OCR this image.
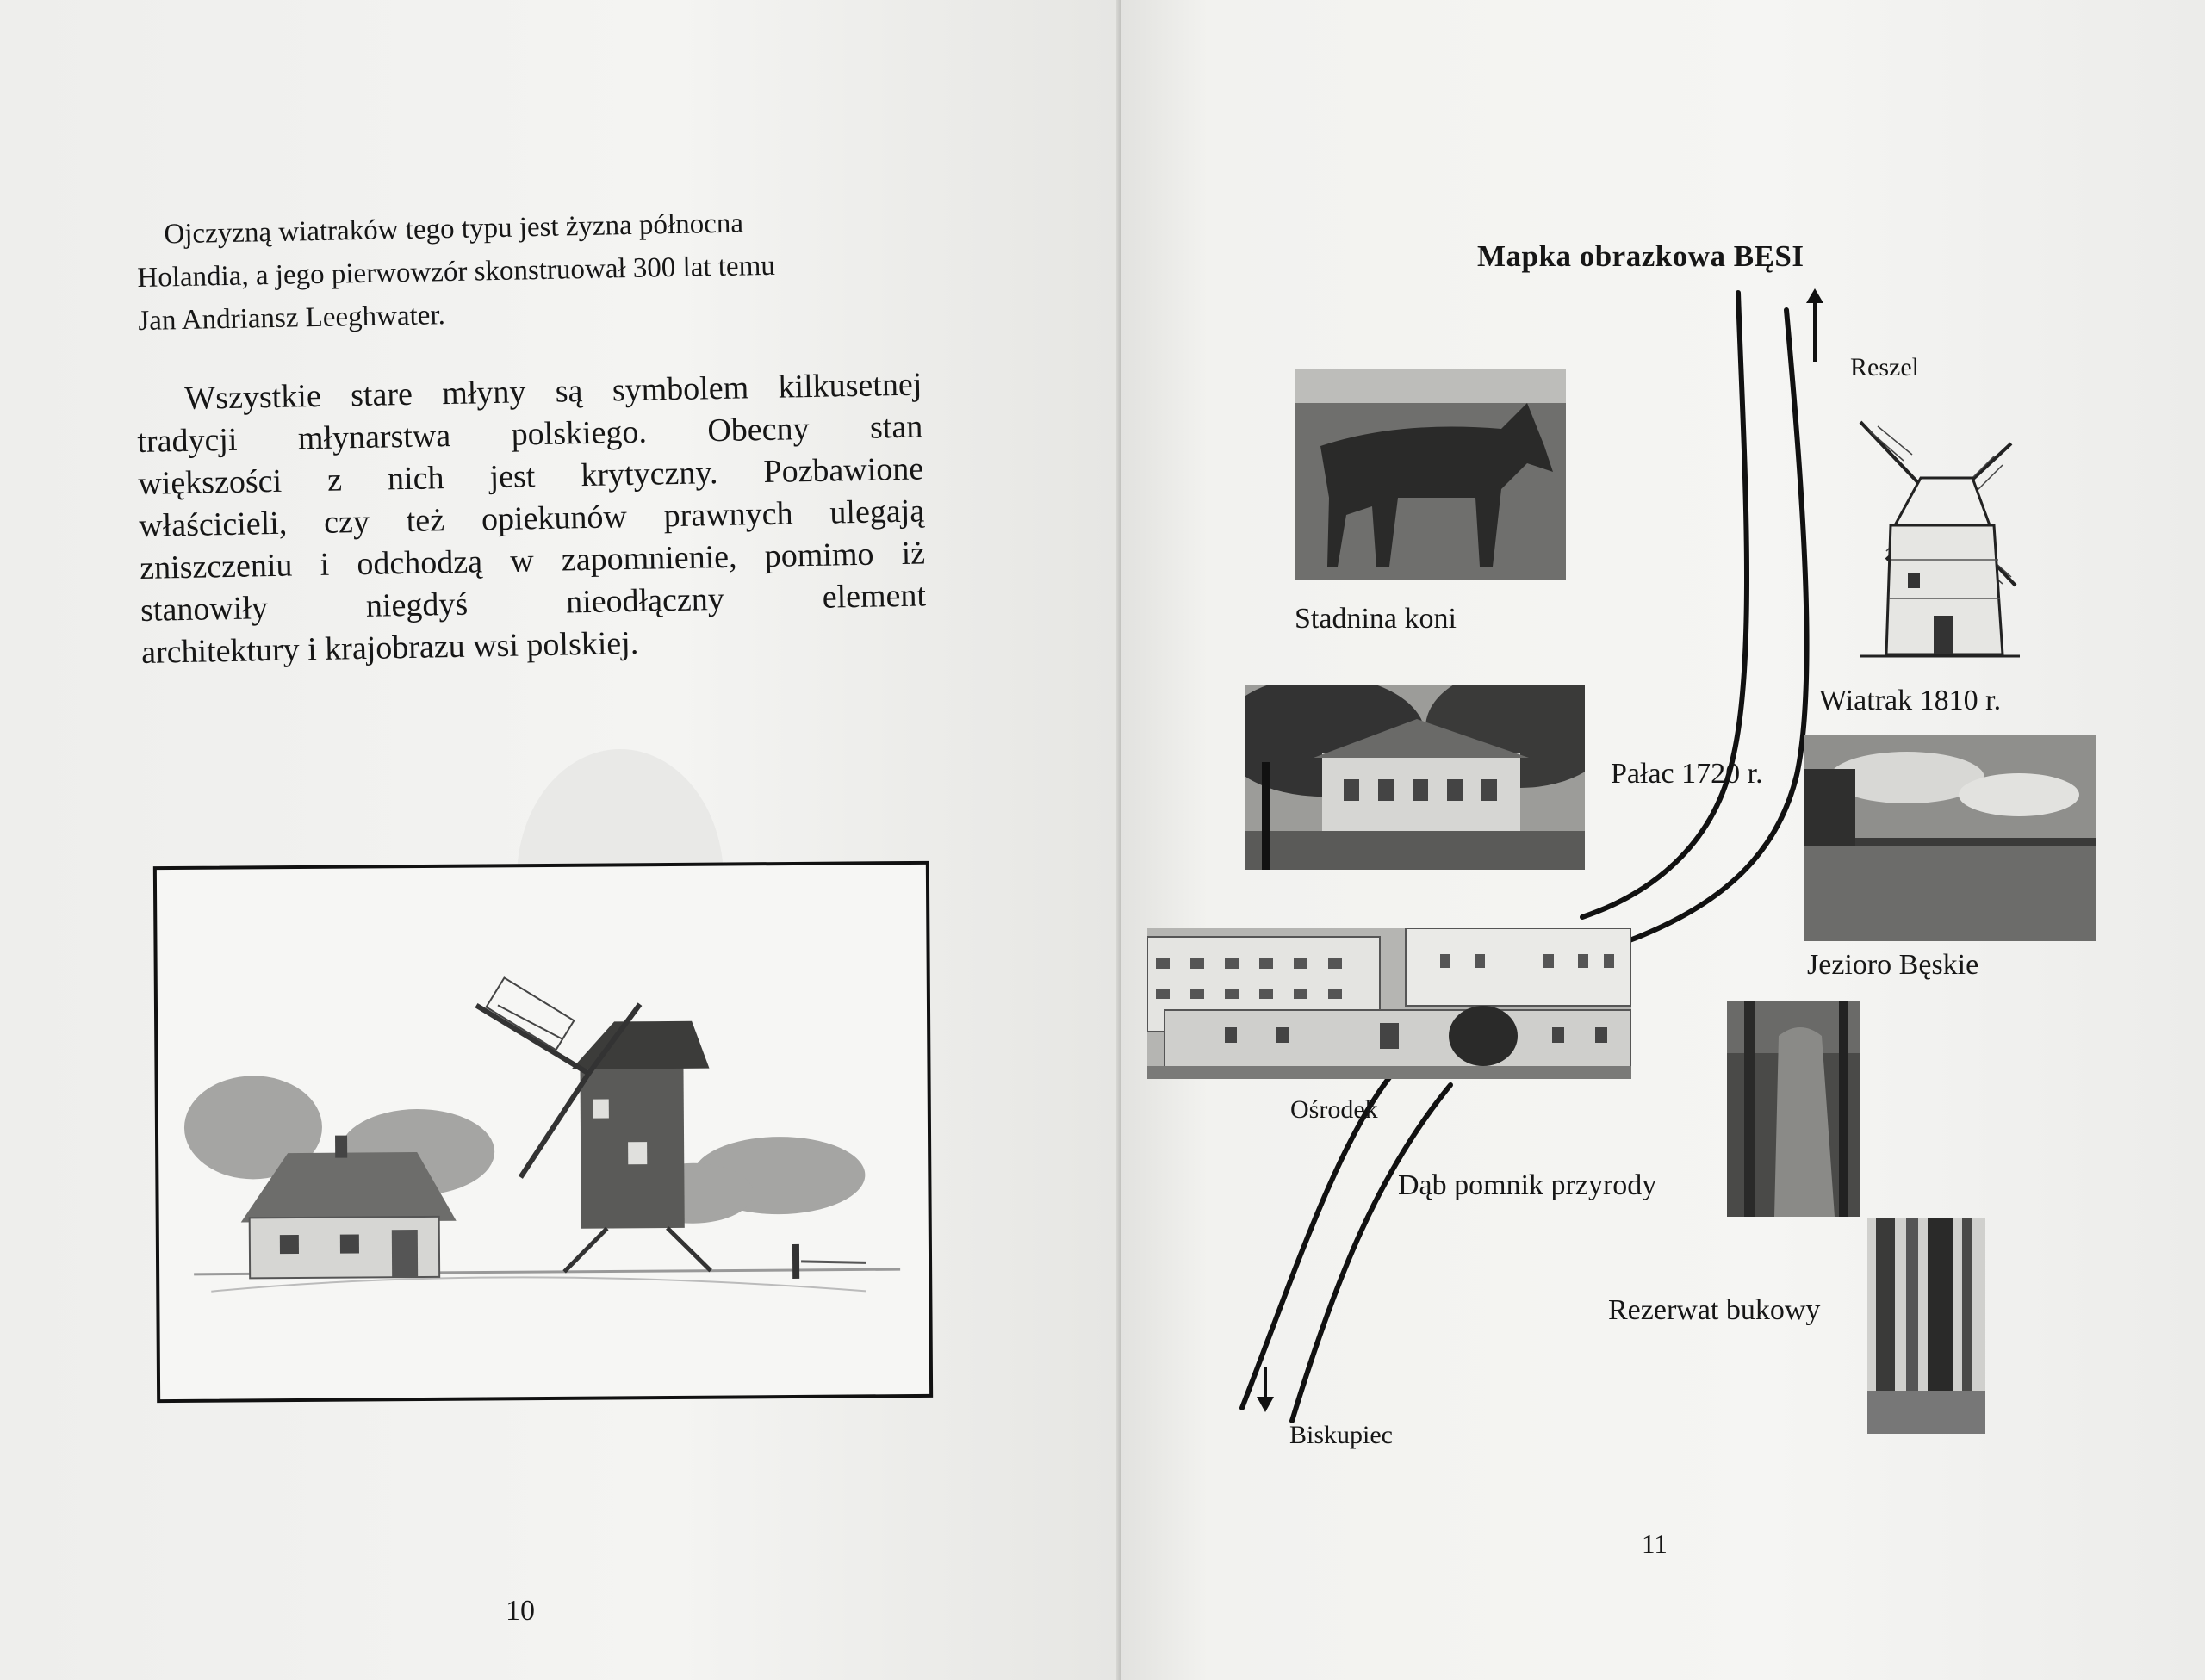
Ojczyzną wiatraków tego typu jest żyzna północna

Holandia, a jego pierwowzór skonstruował 300 lat temu

Jan Andriansz Leeghwater.

Wszystkie stare młyny są symbolem kilkusetnej
tradycji młynarstwa polskiego. Obecny stan
większości z nich jest krytyczny. Pozbawione
właścicieli, czy też opiekunów prawnych ulegają
zniszczeniu i odchodzą w zapomnienie, pomimo iż
stanowiły niegdyś nieodłączny element
architektury i krajobrazu wsi polskiej.
10
Mapka obrazkowa BĘSI
Reszel
Stadnina koni
Wiatrak 1810 r.
Pałac 1720 r.
Jezioro Bęskie
Ośrodek
Dąb pomnik przyrody
Rezerwat bukowy
Biskupiec
11
